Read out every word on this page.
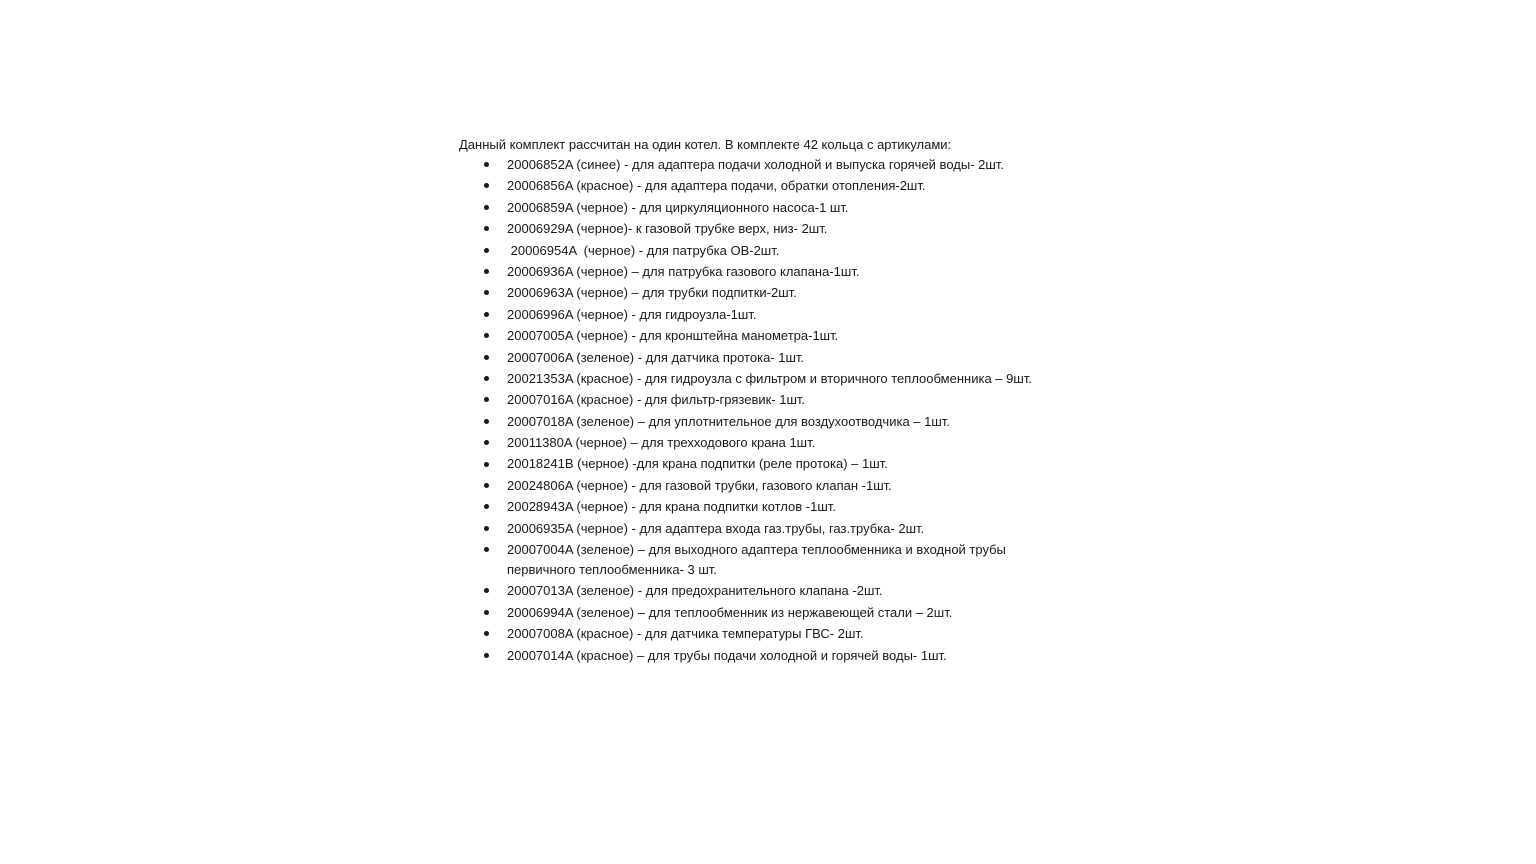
Данный комплект рассчитан на один котел. В комплекте 42 кольца с артикулами:

20006852A (синее) - для адаптера подачи холодной и выпуска горячей воды- 2шт.
20006856A (красное) - для адаптера подачи, обратки отопления-2шт.
20006859A (черное) - для циркуляционного насоса-1 шт.
20006929A (черное)- к газовой трубке верх, низ- 2шт.
20006954A  (черное) - для патрубка ОВ-2шт.
20006936A (черное) – для патрубка газового клапана-1шт.
20006963A (черное) – для трубки подпитки-2шт.
20006996A (черное) - для гидроузла-1шт.
20007005A (черное) - для кронштейна манометра-1шт.
20007006A (зеленое) - для датчика протока- 1шт.
20021353A (красное) - для гидроузла с фильтром и вторичного теплообменника – 9шт.
20007016A (красное) - для фильтр-грязевик- 1шт.
20007018A (зеленое) – для уплотнительное для воздухоотводчика – 1шт.
20011380A (черное) – для трехходового крана 1шт.
20018241B (черное) -для крана подпитки (реле протока) – 1шт.
20024806A (черное) - для газовой трубки, газового клапан -1шт.
20028943A (черное) - для крана подпитки котлов -1шт.
20006935A (черное) - для адаптера входа газ.трубы, газ.трубка- 2шт.
20007004A (зеленое) – для выходного адаптера теплообменника и входной трубы первичного теплообменника- 3 шт.
20007013A (зеленое) - для предохранительного клапана -2шт.
20006994A (зеленое) – для теплообменник из нержавеющей стали – 2шт.
20007008A (красное) - для датчика температуры ГВС- 2шт.
20007014A (красное) – для трубы подачи холодной и горячей воды- 1шт.
